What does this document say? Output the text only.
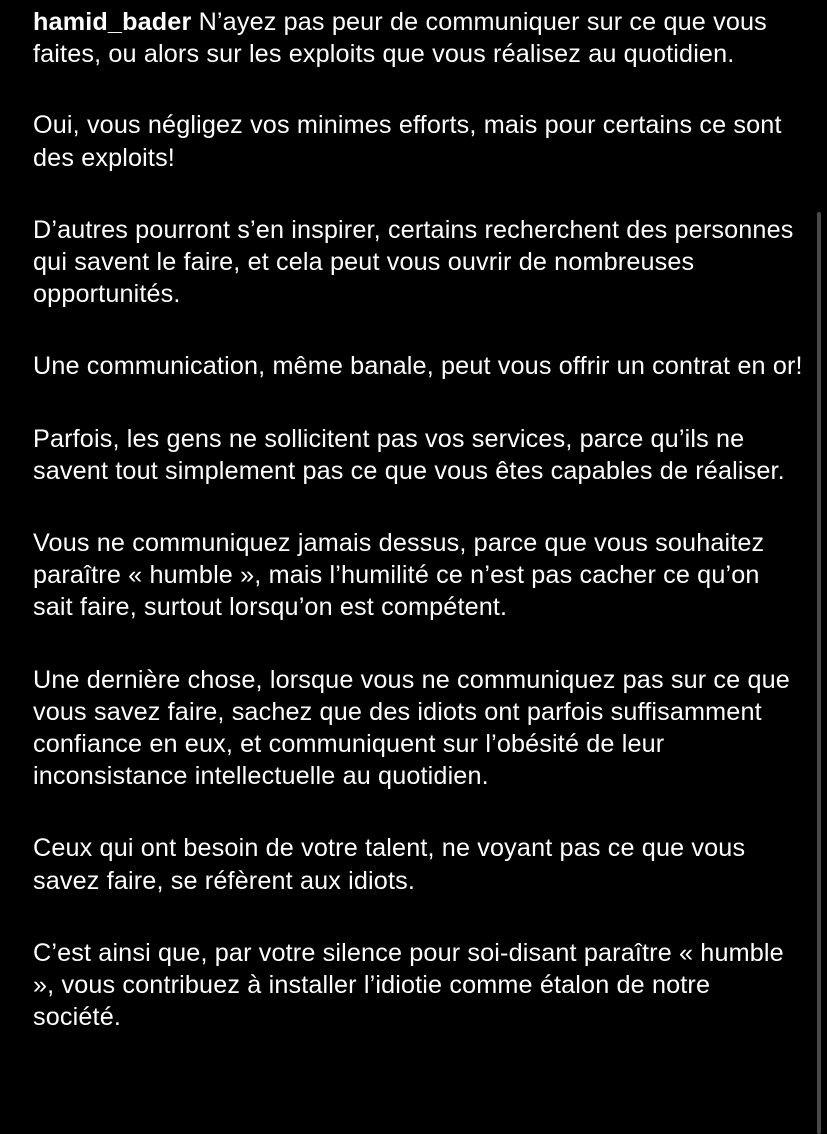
hamid_bader N’ayez pas peur de communiquer sur ce que vous faites, ou alors sur les exploits que vous réalisez au quotidien.

Oui, vous négligez vos minimes efforts, mais pour certains ce sont des exploits!

D’autres pourront s’en inspirer, certains recherchent des personnes qui savent le faire, et cela peut vous ouvrir de nombreuses opportunités.

Une communication, même banale, peut vous offrir un contrat en or!

Parfois, les gens ne sollicitent pas vos services, parce qu’ils ne savent tout simplement pas ce que vous êtes capables de réaliser.

Vous ne communiquez jamais dessus, parce que vous souhaitez paraître « humble », mais l’humilité ce n’est pas cacher ce qu’on sait faire, surtout lorsqu’on est compétent.

Une dernière chose, lorsque vous ne communiquez pas sur ce que vous savez faire, sachez que des idiots ont parfois suffisamment confiance en eux, et communiquent sur l’obésité de leur inconsistance intellectuelle au quotidien.

Ceux qui ont besoin de votre talent, ne voyant pas ce que vous savez faire, se réfèrent aux idiots.

C’est ainsi que, par votre silence pour soi-disant paraître « humble », vous contribuez à installer l’idiotie comme étalon de notre société.
